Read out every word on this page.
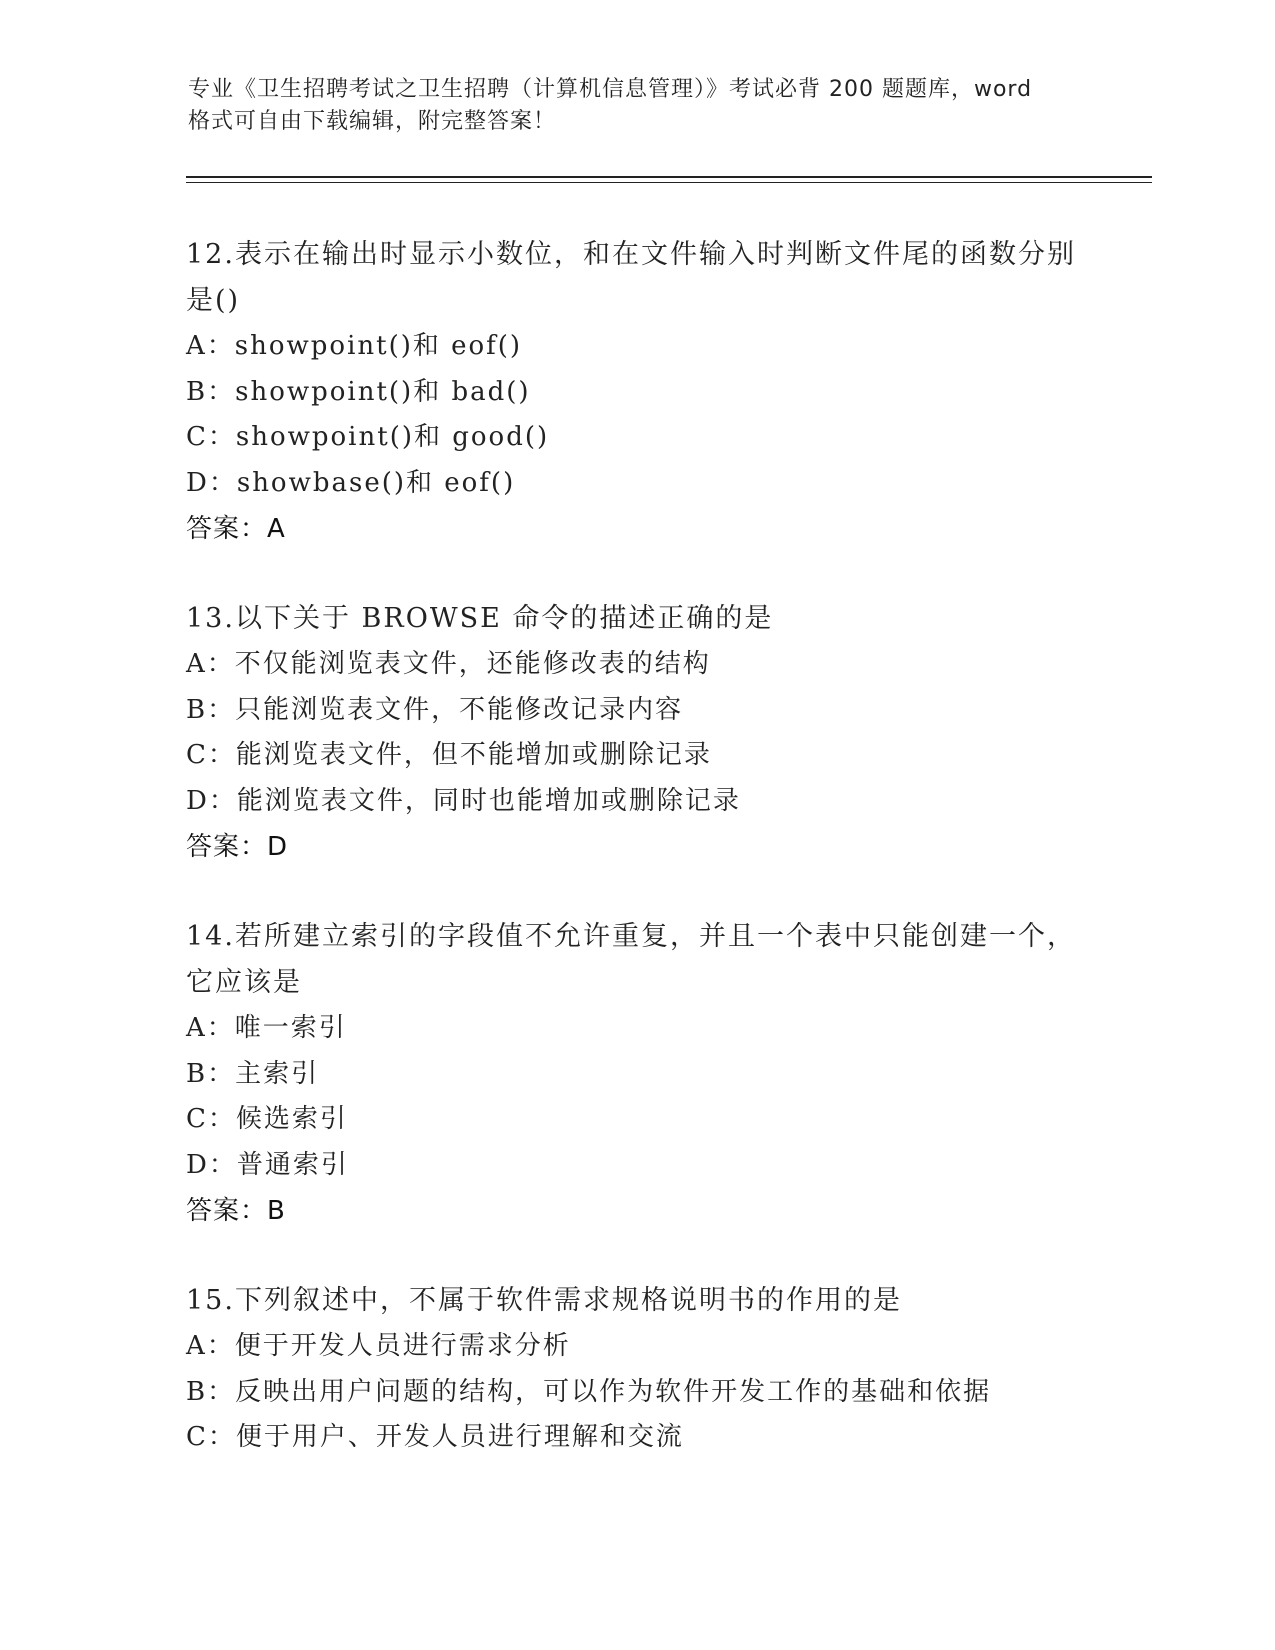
专业《卫生招聘考试之卫生招聘（计算机信息管理）》考试必背 200 题题库，word
格式可自由下载编辑，附完整答案！

12.表示在输出时显示小数位，和在文件输入时判断文件尾的函数分别

是()

A：showpoint()和 eof()

B：showpoint()和 bad()

C：showpoint()和 good()

D：showbase()和 eof()

答案：A

13.以下关于 BROWSE 命令的描述正确的是

A：不仅能浏览表文件，还能修改表的结构

B：只能浏览表文件，不能修改记录内容

C：能浏览表文件，但不能增加或删除记录

D：能浏览表文件，同时也能增加或删除记录

答案：D

14.若所建立索引的字段值不允许重复，并且一个表中只能创建一个，

它应该是

A：唯一索引

B：主索引

C：候选索引

D：普通索引

答案：B

15.下列叙述中，不属于软件需求规格说明书的作用的是

A：便于开发人员进行需求分析

B：反映出用户问题的结构，可以作为软件开发工作的基础和依据

C：便于用户、开发人员进行理解和交流
